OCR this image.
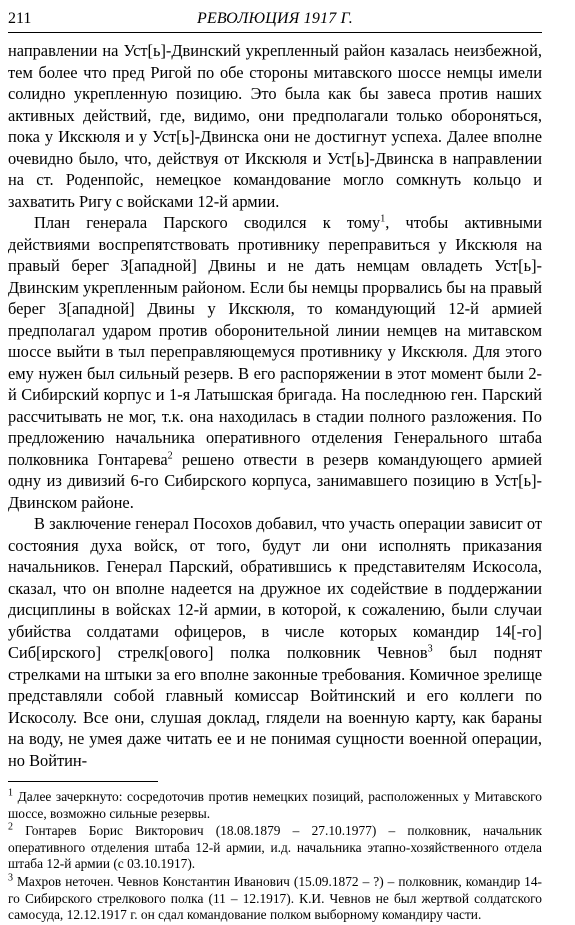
211	РЕВОЛЮЦИЯ 1917 Г.

направлении на Уст[ь]-Двинский укрепленный район казалась неизбежной, тем более что пред Ригой по обе стороны митавского шоссе немцы имели солидно укрепленную позицию. Это была как бы завеса против наших активных действий, где, видимо, они предполагали только обороняться, пока у Икскюля и у Уст[ь]-Двинска они не достигнут успеха. Далее вполне очевидно было, что, действуя от Икскюля и Уст[ь]-Двинска в направлении на ст. Роденпойс, немецкое командование могло сомкнуть кольцо и захватить Ригу с войсками 12-й армии.

План генерала Парского сводился к тому$^1$, чтобы активными действиями воспрепятствовать противнику переправиться у Икскюля на правый берег З[ападной] Двины и не дать немцам овладеть Уст[ь]-Двинским укрепленным районом. Если бы немцы прорвались бы на правый берег З[ападной] Двины у Икскюля, то командующий 12-й армией предполагал ударом против оборонительной линии немцев на митавском шоссе выйти в тыл переправляющемуся противнику у Икскюля. Для этого ему нужен был сильный резерв. В его распоряжении в этот момент были 2-й Сибирский корпус и 1-я Латышская бригада. На последнюю ген. Парский рассчитывать не мог, т.к. она находилась в стадии полного разложения. По предложению начальника оперативного отделения Генерального штаба полковника Гонтарева$^2$ решено отвести в резерв командующего армией одну из дивизий 6-го Сибирского корпуса, занимавшего позицию в Уст[ь]-Двинском районе.

В заключение генерал Посохов добавил, что участь операции зависит от состояния духа войск, от того, будут ли они исполнять приказания начальников. Генерал Парский, обратившись к представителям Искосола, сказал, что он вполне надеется на дружное их содействие в поддержании дисциплины в войсках 12-й армии, в которой, к сожалению, были случаи убийства солдатами офицеров, в числе которых командир 14[-го] Сиб[ирского] стрелк[ового] полка полковник Чевнов$^3$ был поднят стрелками на штыки за его вполне законные требования. Комичное зрелище представляли собой главный комиссар Войтинский и его коллеги по Искосолу. Все они, слушая доклад, глядели на военную карту, как бараны на воду, не умея даже читать ее и не понимая сущности военной операции, но Войтин-

$^1$ Далее зачеркнуто: сосредоточив против немецких позиций, расположенных у Митавского шоссе, возможно сильные резервы.

$^2$ Гонтарев Борис Викторович (18.08.1879 – 27.10.1977) – полковник, начальник оперативного отделения штаба 12-й армии, и.д. начальника этапно-хозяйственного отдела штаба 12-й армии (с 03.10.1917).

$^3$ Махров неточен. Чевнов Константин Иванович (15.09.1872 – ?) – полковник, командир 14-го Сибирского стрелкового полка (11 – 12.1917). К.И. Чевнов не был жертвой солдатского самосуда, 12.12.1917 г. он сдал командование полком выборному командиру части.
